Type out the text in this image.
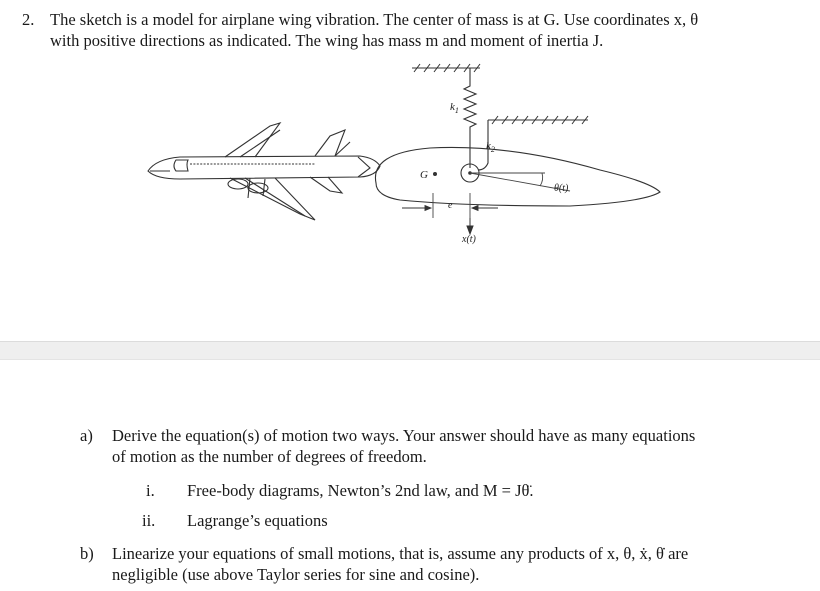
2. The sketch is a model for airplane wing vibration. The center of mass is at G. Use coordinates x, θ
with positive directions as indicated. The wing has mass m and moment of inertia J.
$k_1$
$k_2$
G
e
θ(t)
x(t)
a) Derive the equation(s) of motion two ways. Your answer should have as many equations
of motion as the number of degrees of freedom.
i. Free-body diagrams, Newton’s 2nd law, and M = Jθ̈.
ii. Lagrange’s equations
b) Linearize your equations of small motions, that is, assume any products of x, θ, ẋ, θ̇ are
negligible (use above Taylor series for sine and cosine).
